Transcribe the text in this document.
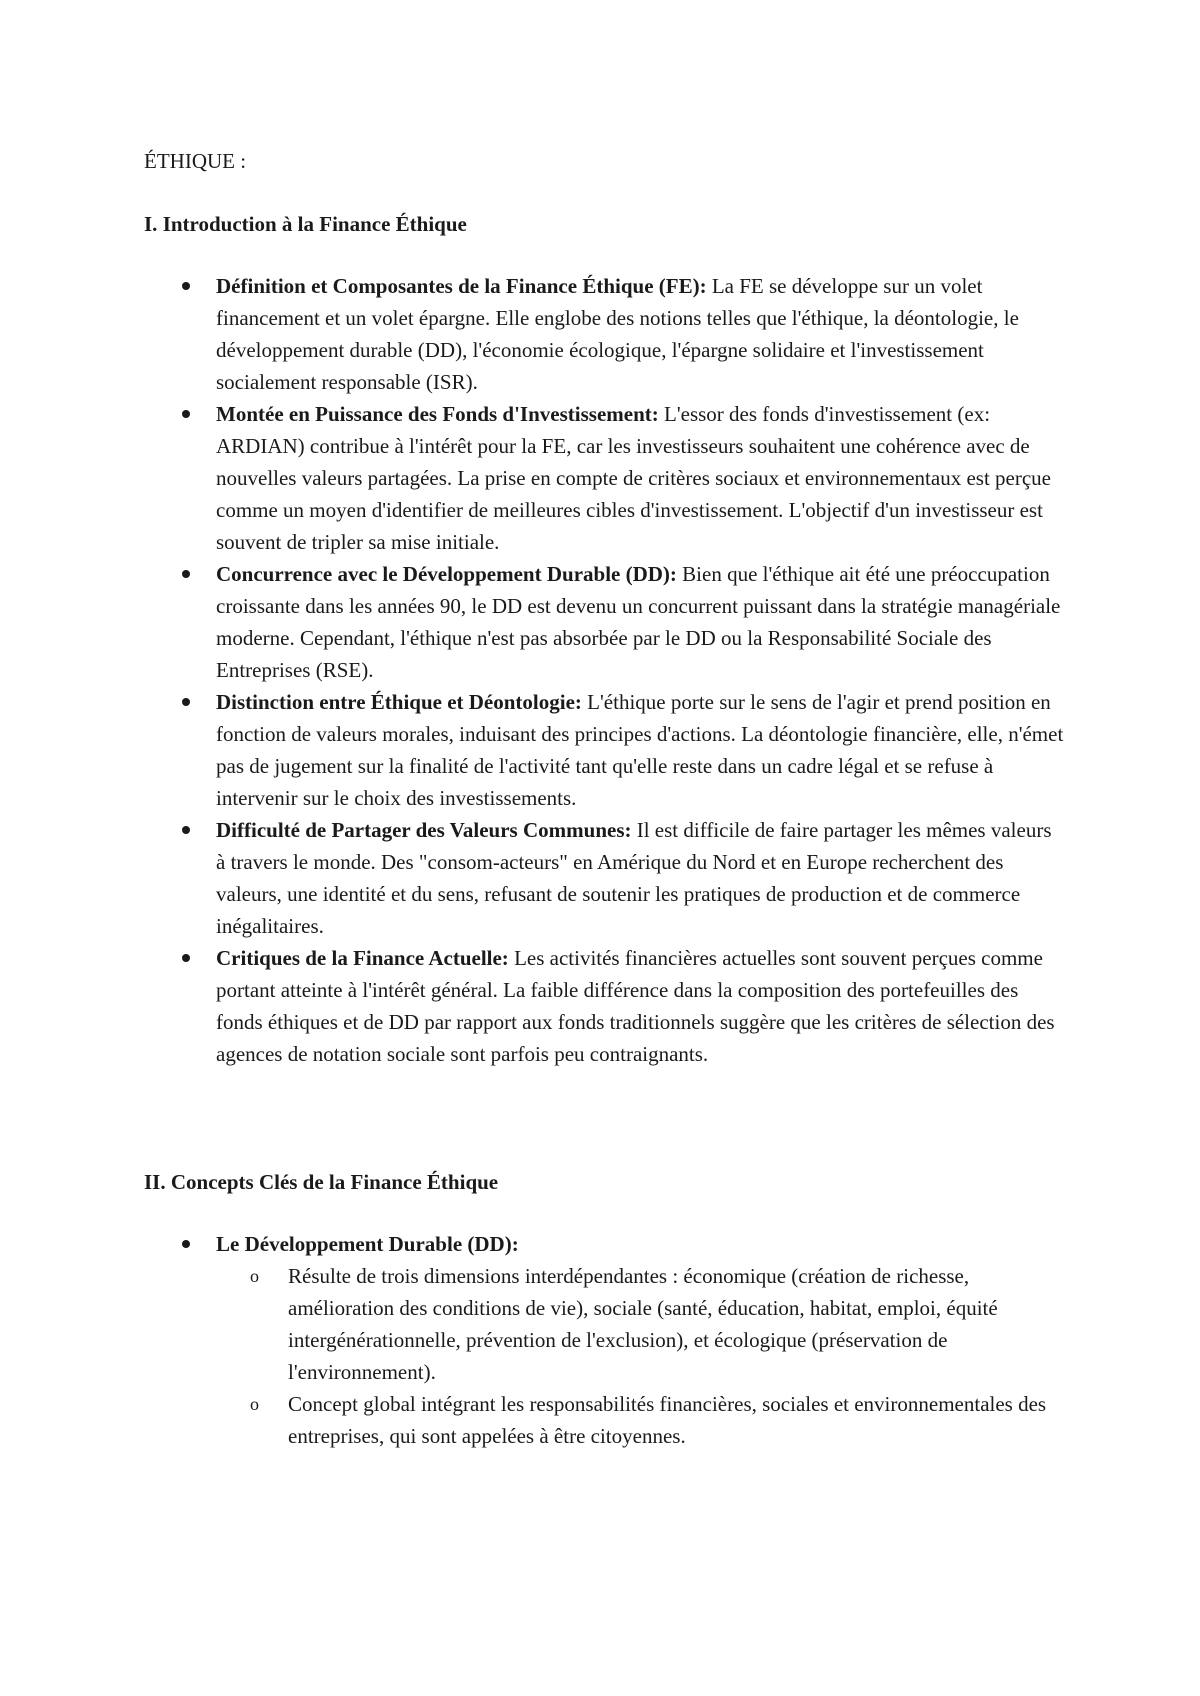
ÉTHIQUE :
I. Introduction à la Finance Éthique
Définition et Composantes de la Finance Éthique (FE): La FE se développe sur un volet financement et un volet épargne. Elle englobe des notions telles que l'éthique, la déontologie, le développement durable (DD), l'économie écologique, l'épargne solidaire et l'investissement socialement responsable (ISR).
Montée en Puissance des Fonds d'Investissement: L'essor des fonds d'investissement (ex: ARDIAN) contribue à l'intérêt pour la FE, car les investisseurs souhaitent une cohérence avec de nouvelles valeurs partagées. La prise en compte de critères sociaux et environnementaux est perçue comme un moyen d'identifier de meilleures cibles d'investissement. L'objectif d'un investisseur est souvent de tripler sa mise initiale.
Concurrence avec le Développement Durable (DD): Bien que l'éthique ait été une préoccupation croissante dans les années 90, le DD est devenu un concurrent puissant dans la stratégie managériale moderne. Cependant, l'éthique n'est pas absorbée par le DD ou la Responsabilité Sociale des Entreprises (RSE).
Distinction entre Éthique et Déontologie: L'éthique porte sur le sens de l'agir et prend position en fonction de valeurs morales, induisant des principes d'actions. La déontologie financière, elle, n'émet pas de jugement sur la finalité de l'activité tant qu'elle reste dans un cadre légal et se refuse à intervenir sur le choix des investissements.
Difficulté de Partager des Valeurs Communes: Il est difficile de faire partager les mêmes valeurs à travers le monde. Des "consom-acteurs" en Amérique du Nord et en Europe recherchent des valeurs, une identité et du sens, refusant de soutenir les pratiques de production et de commerce inégalitaires.
Critiques de la Finance Actuelle: Les activités financières actuelles sont souvent perçues comme portant atteinte à l'intérêt général. La faible différence dans la composition des portefeuilles des fonds éthiques et de DD par rapport aux fonds traditionnels suggère que les critères de sélection des agences de notation sociale sont parfois peu contraignants.
II. Concepts Clés de la Finance Éthique
Le Développement Durable (DD):
o Résulte de trois dimensions interdépendantes : économique (création de richesse, amélioration des conditions de vie), sociale (santé, éducation, habitat, emploi, équité intergénérationnelle, prévention de l'exclusion), et écologique (préservation de l'environnement).
o Concept global intégrant les responsabilités financières, sociales et environnementales des entreprises, qui sont appelées à être citoyennes.
